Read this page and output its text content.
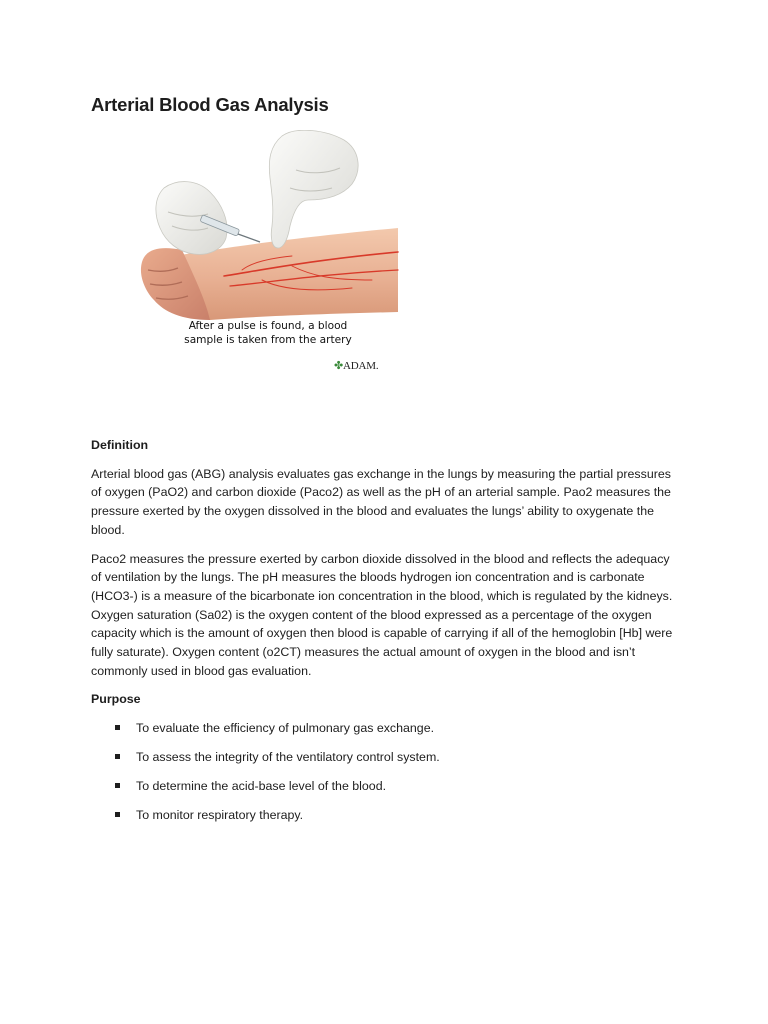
Arterial Blood Gas Analysis
After a pulse is found, a blood
sample is taken from the artery
✤ADAM.
Definition

Arterial blood gas (ABG) analysis evaluates gas exchange in the lungs by measuring the partial pressures of oxygen (PaO2) and carbon dioxide (Paco2) as well as the pH of an arterial sample. Pao2 measures the pressure exerted by the oxygen dissolved in the blood and evaluates the lungs’ ability to oxygenate the blood.

Paco2 measures the pressure exerted by carbon dioxide dissolved in the blood and reflects the adequacy of ventilation by the lungs. The pH measures the bloods hydrogen ion concentration and is carbonate (HCO3-) is a measure of the bicarbonate ion concentration in the blood, which is regulated by the kidneys. Oxygen saturation (Sa02) is the oxygen content of the blood expressed as a percentage of the oxygen capacity which is the amount of oxygen then blood is capable of carrying if all of the hemoglobin [Hb] were fully saturate). Oxygen content (o2CT) measures the actual amount of oxygen in the blood and isn’t commonly used in blood gas evaluation.

Purpose
To evaluate the efficiency of pulmonary gas exchange.
To assess the integrity of the ventilatory control system.
To determine the acid-base level of the blood.
To monitor respiratory therapy.
